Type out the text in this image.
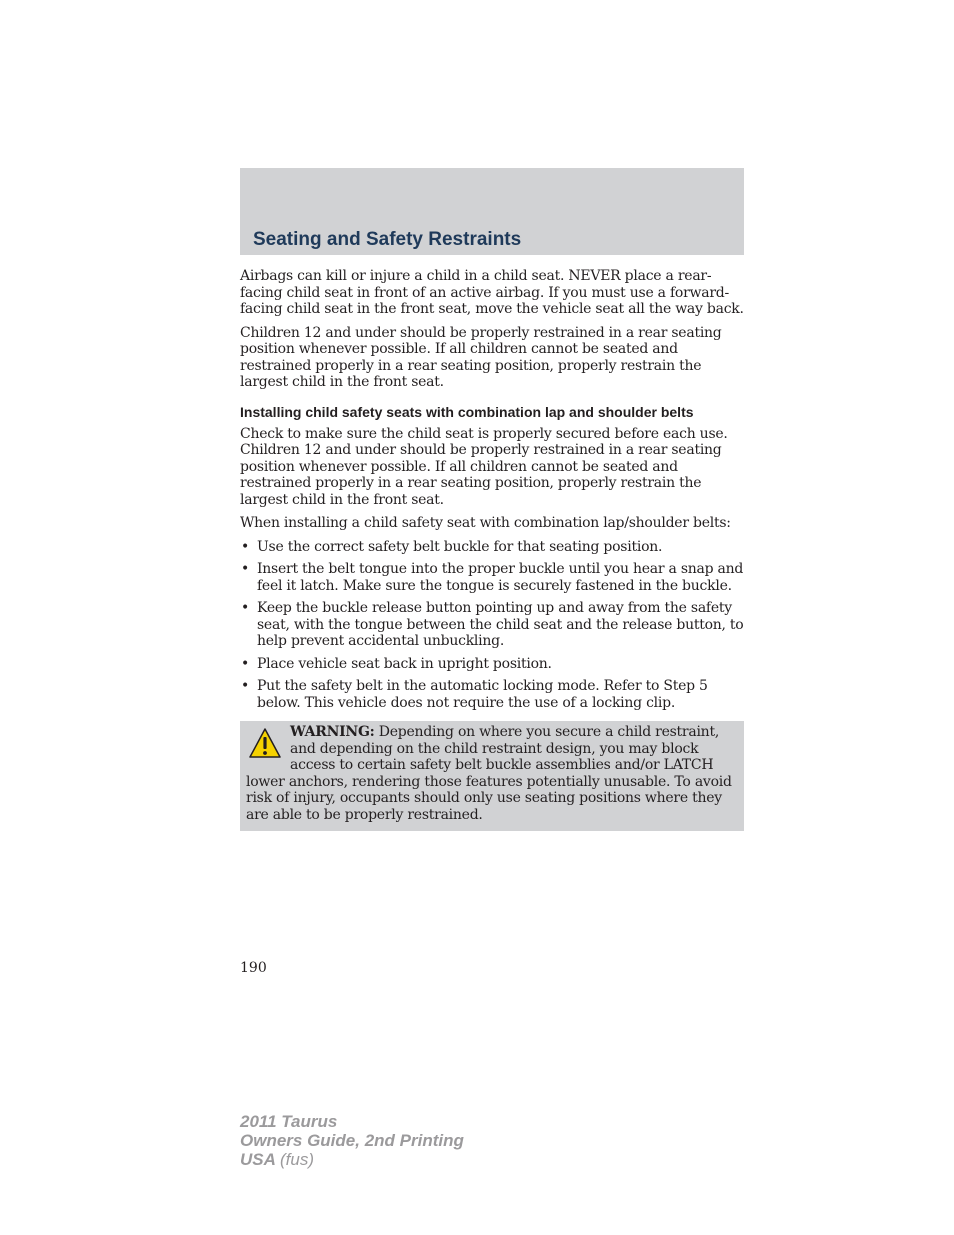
Seating and Safety Restraints

Airbags can kill or injure a child in a child seat. NEVER place a rear-facing child seat in front of an active airbag. If you must use a forward-facing child seat in the front seat, move the vehicle seat all the way back.

Children 12 and under should be properly restrained in a rear seating position whenever possible. If all children cannot be seated and restrained properly in a rear seating position, properly restrain the largest child in the front seat.

Installing child safety seats with combination lap and shoulder belts

Check to make sure the child seat is properly secured before each use. Children 12 and under should be properly restrained in a rear seating position whenever possible. If all children cannot be seated and restrained properly in a rear seating position, properly restrain the largest child in the front seat.

When installing a child safety seat with combination lap/shoulder belts:

• Use the correct safety belt buckle for that seating position.
• Insert the belt tongue into the proper buckle until you hear a snap and feel it latch. Make sure the tongue is securely fastened in the buckle.
• Keep the buckle release button pointing up and away from the safety seat, with the tongue between the child seat and the release button, to help prevent accidental unbuckling.
• Place vehicle seat back in upright position.
• Put the safety belt in the automatic locking mode. Refer to Step 5 below. This vehicle does not require the use of a locking clip.
WARNING: Depending on where you secure a child restraint, and depending on the child restraint design, you may block access to certain safety belt buckle assemblies and/or LATCH lower anchors, rendering those features potentially unusable. To avoid risk of injury, occupants should only use seating positions where they are able to be properly restrained.
190
2011 Taurus
Owners Guide, 2nd Printing
USA (fus)
